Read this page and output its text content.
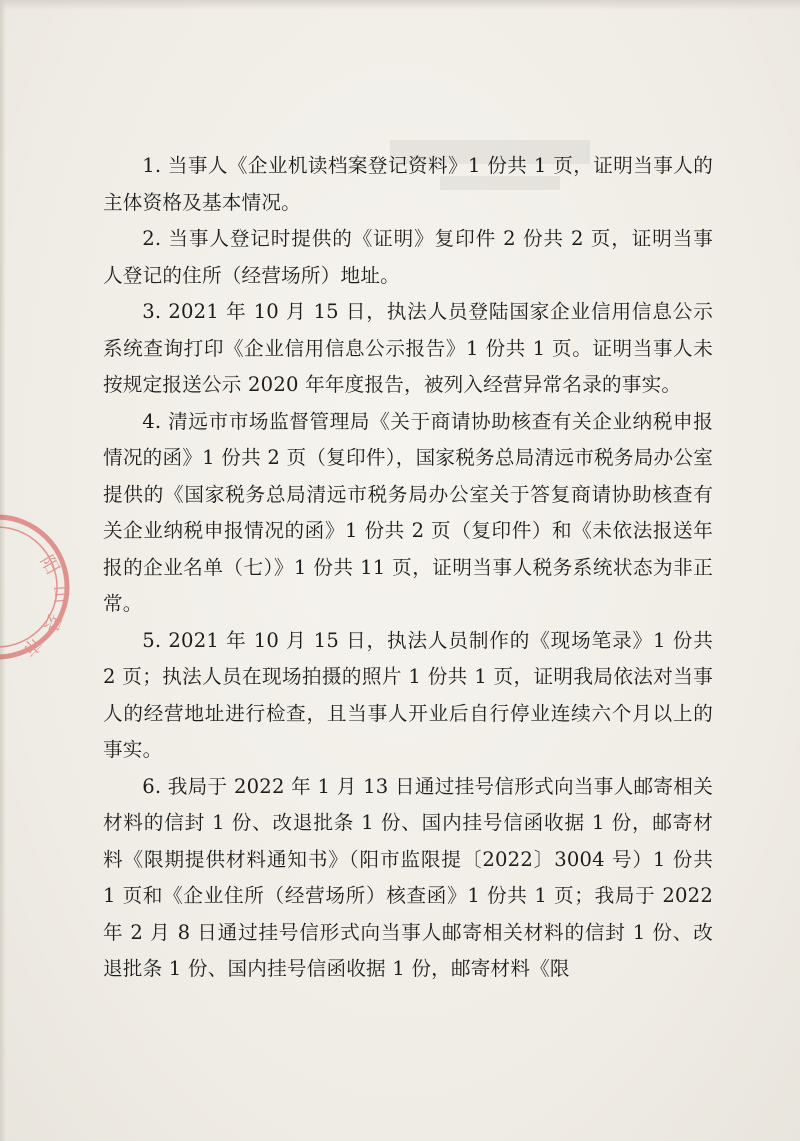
阳
山
县
市

1. 当事人《企业机读档案登记资料》1 份共 1 页，证明当事人的主体资格及基本情况。

2. 当事人登记时提供的《证明》复印件 2 份共 2 页，证明当事人登记的住所（经营场所）地址。

3. 2021 年 10 月 15 日，执法人员登陆国家企业信用信息公示系统查询打印《企业信用信息公示报告》1 份共 1 页。证明当事人未按规定报送公示 2020 年年度报告，被列入经营异常名录的事实。

4. 清远市市场监督管理局《关于商请协助核查有关企业纳税申报情况的函》1 份共 2 页（复印件），国家税务总局清远市税务局办公室提供的《国家税务总局清远市税务局办公室关于答复商请协助核查有关企业纳税申报情况的函》1 份共 2 页（复印件）和《未依法报送年报的企业名单（七）》1 份共 11 页，证明当事人税务系统状态为非正常。

5. 2021 年 10 月 15 日，执法人员制作的《现场笔录》1 份共 2 页；执法人员在现场拍摄的照片 1 份共 1 页，证明我局依法对当事人的经营地址进行检查，且当事人开业后自行停业连续六个月以上的事实。

6. 我局于 2022 年 1 月 13 日通过挂号信形式向当事人邮寄相关材料的信封 1 份、改退批条 1 份、国内挂号信函收据 1 份，邮寄材料《限期提供材料通知书》（阳市监限提〔2022〕3004 号）1 份共 1 页和《企业住所（经营场所）核查函》1 份共 1 页；我局于 2022 年 2 月 8 日通过挂号信形式向当事人邮寄相关材料的信封 1 份、改退批条 1 份、国内挂号信函收据 1 份，邮寄材料《限
